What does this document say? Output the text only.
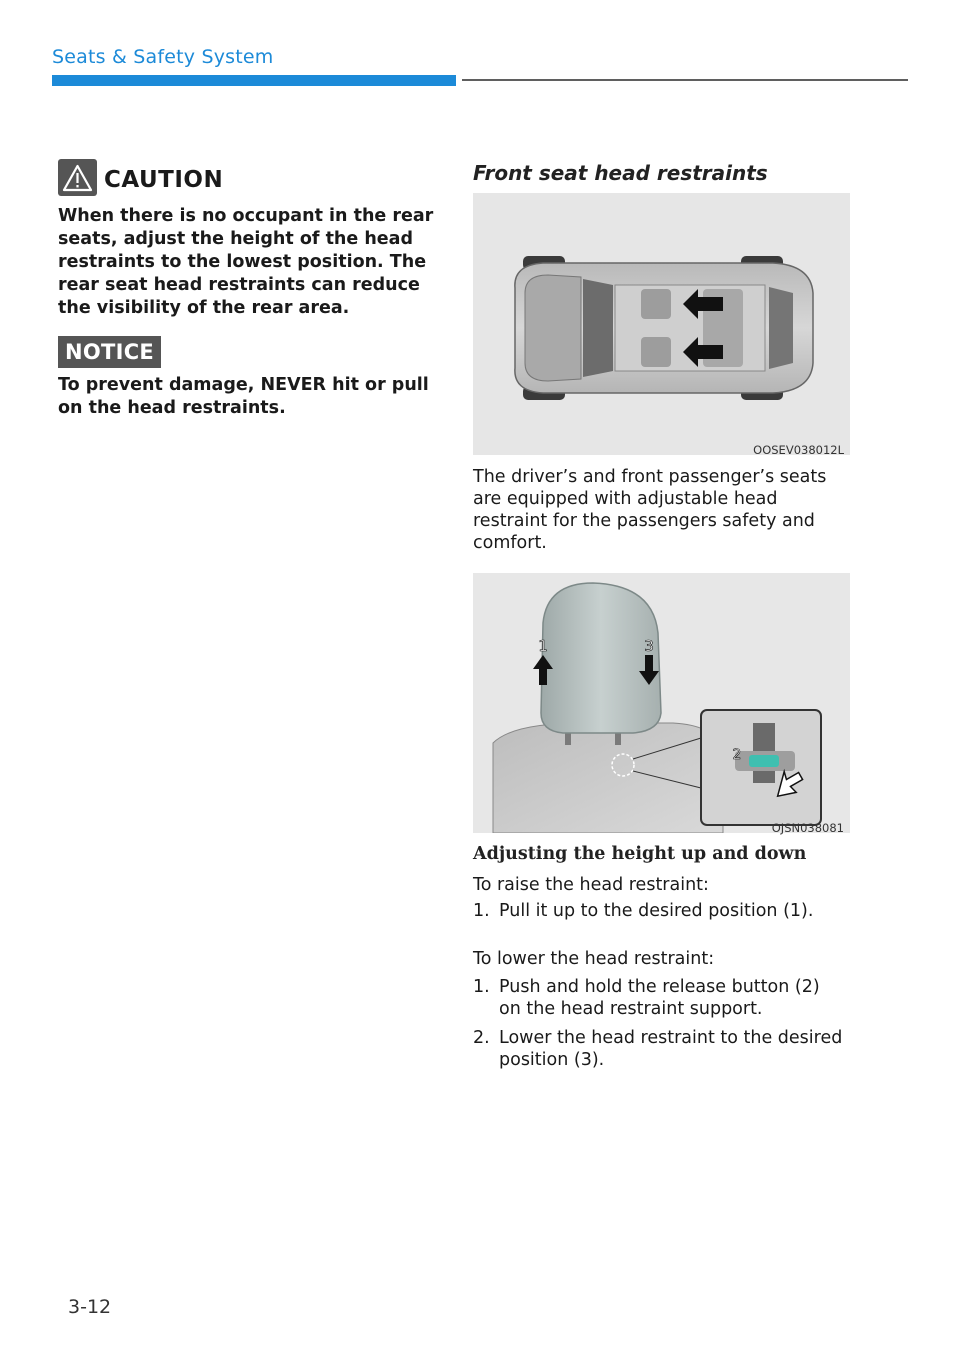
Seats & Safety System
CAUTION
When there is no occupant in the rear seats, adjust the height of the head restraints to the lowest position. The rear seat head restraints can reduce the visibility of the rear area.
NOTICE
To prevent damage, NEVER hit or pull on the head restraints.
Front seat head restraints
OOSEV038012L
The driver’s and front passenger’s seats are equipped with adjustable head restraint for the passengers safety and comfort.
1	3
2
OJSN038081
Adjusting the height up and down
To raise the head restraint:
1. Pull it up to the desired position (1).
To lower the head restraint:
1. Push and hold the release button (2) on the head restraint support.
2. Lower the head restraint to the desired position (3).
3-12
